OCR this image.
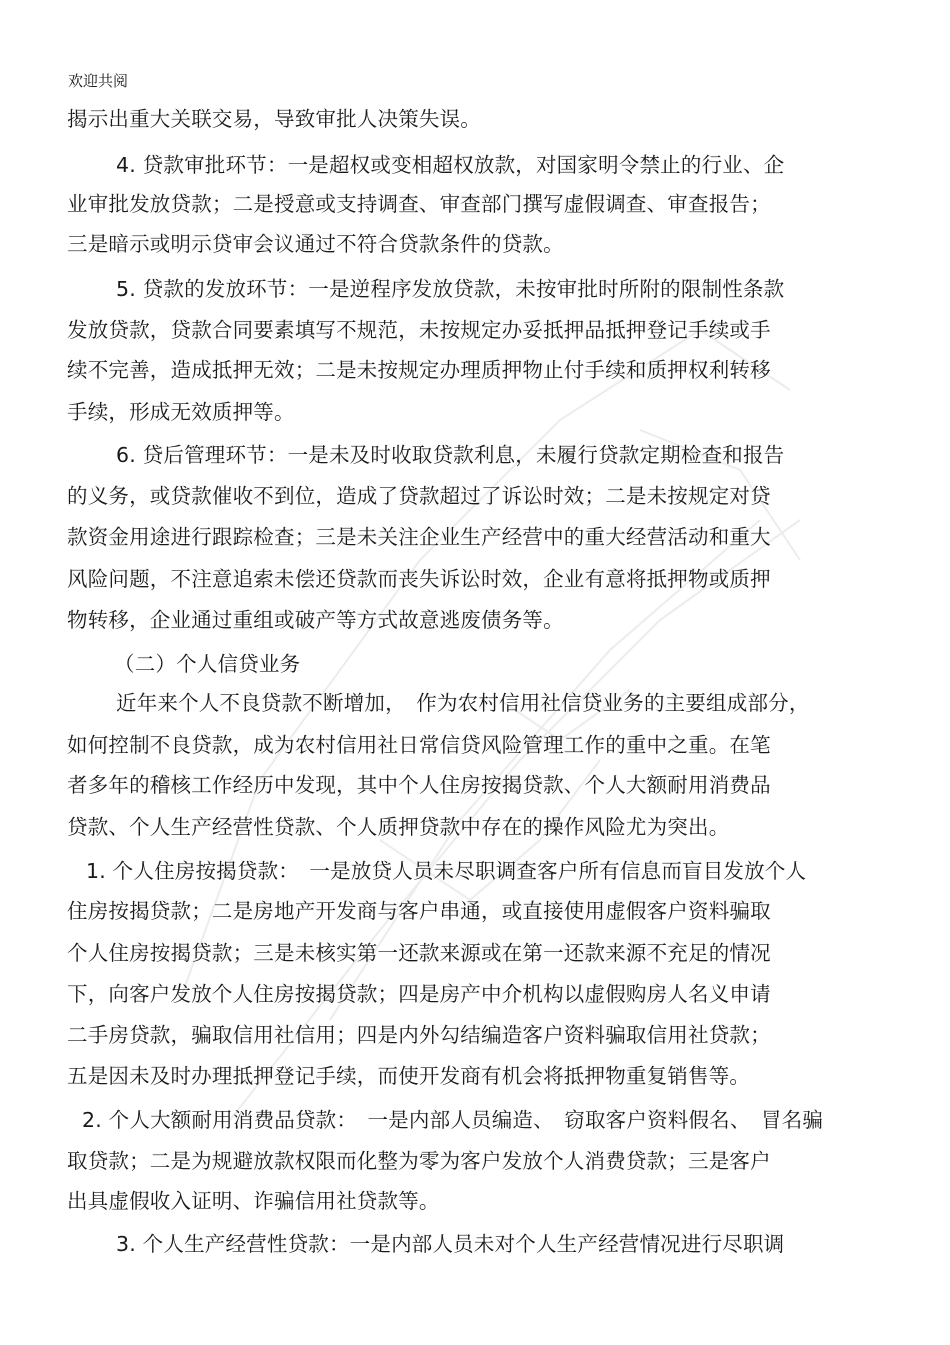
欢迎共阅
揭示出重大关联交易，导致审批人决策失误。
4. 贷款审批环节：一是超权或变相超权放款，对国家明令禁止的行业、企
业审批发放贷款；二是授意或支持调查、审查部门撰写虚假调查、审查报告；
三是暗示或明示贷审会议通过不符合贷款条件的贷款。
5. 贷款的发放环节：一是逆程序发放贷款，未按审批时所附的限制性条款
发放贷款，贷款合同要素填写不规范，未按规定办妥抵押品抵押登记手续或手
续不完善，造成抵押无效；二是未按规定办理质押物止付手续和质押权利转移
手续，形成无效质押等。
6. 贷后管理环节：一是未及时收取贷款利息，未履行贷款定期检查和报告
的义务，或贷款催收不到位，造成了贷款超过了诉讼时效；二是未按规定对贷
款资金用途进行跟踪检查；三是未关注企业生产经营中的重大经营活动和重大
风险问题，不注意追索未偿还贷款而丧失诉讼时效，企业有意将抵押物或质押
物转移，企业通过重组或破产等方式故意逃废债务等。
（二）个人信贷业务
近年来个人不良贷款不断增加，　作为农村信用社信贷业务的主要组成部分，
如何控制不良贷款，成为农村信用社日常信贷风险管理工作的重中之重。在笔
者多年的稽核工作经历中发现，其中个人住房按揭贷款、个人大额耐用消费品
贷款、个人生产经营性贷款、个人质押贷款中存在的操作风险尤为突出。
1. 个人住房按揭贷款：　一是放贷人员未尽职调查客户所有信息而盲目发放个人
住房按揭贷款；二是房地产开发商与客户串通，或直接使用虚假客户资料骗取
个人住房按揭贷款；三是未核实第一还款来源或在第一还款来源不充足的情况
下，向客户发放个人住房按揭贷款；四是房产中介机构以虚假购房人名义申请
二手房贷款，骗取信用社信用；四是内外勾结编造客户资料骗取信用社贷款；
五是因未及时办理抵押登记手续，而使开发商有机会将抵押物重复销售等。
2. 个人大额耐用消费品贷款：　一是内部人员编造、　窃取客户资料假名、　冒名骗
取贷款；二是为规避放款权限而化整为零为客户发放个人消费贷款；三是客户
出具虚假收入证明、诈骗信用社贷款等。
3. 个人生产经营性贷款：一是内部人员未对个人生产经营情况进行尽职调
